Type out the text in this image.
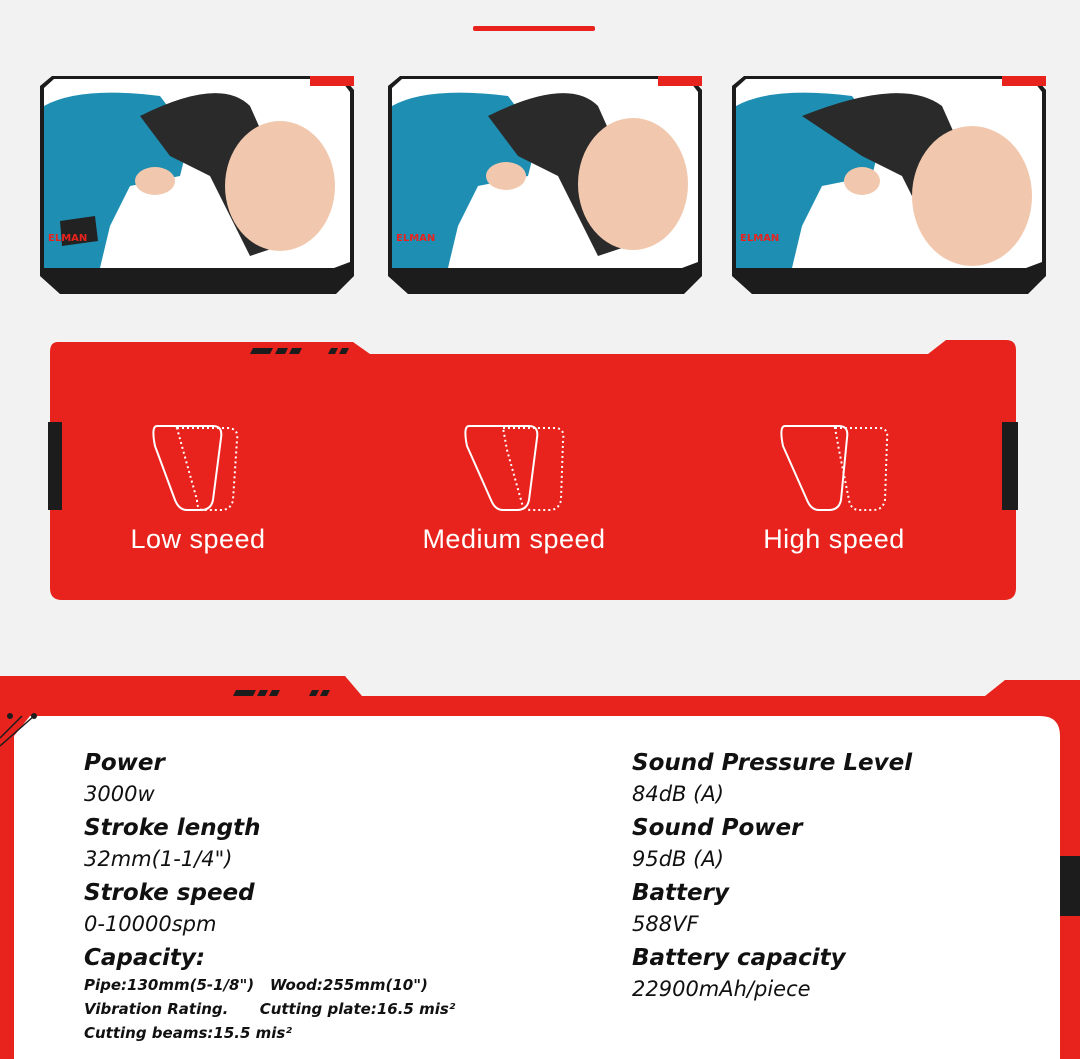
ELMAN	ELMAN	ELMAN
Low speed	Medium speed	High speed
Power
3000w
Stroke length
32mm(1-1/4")
Stroke speed
0-10000spm
Capacity:
Pipe:130mm(5-1/8")   Wood:255mm(10")
Vibration Rating.      Cutting plate:16.5 mis²
Cutting beams:15.5 mis²
Sound Pressure Level
84dB (A)
Sound Power
95dB (A)
Battery
588VF
Battery capacity
22900mAh/piece
